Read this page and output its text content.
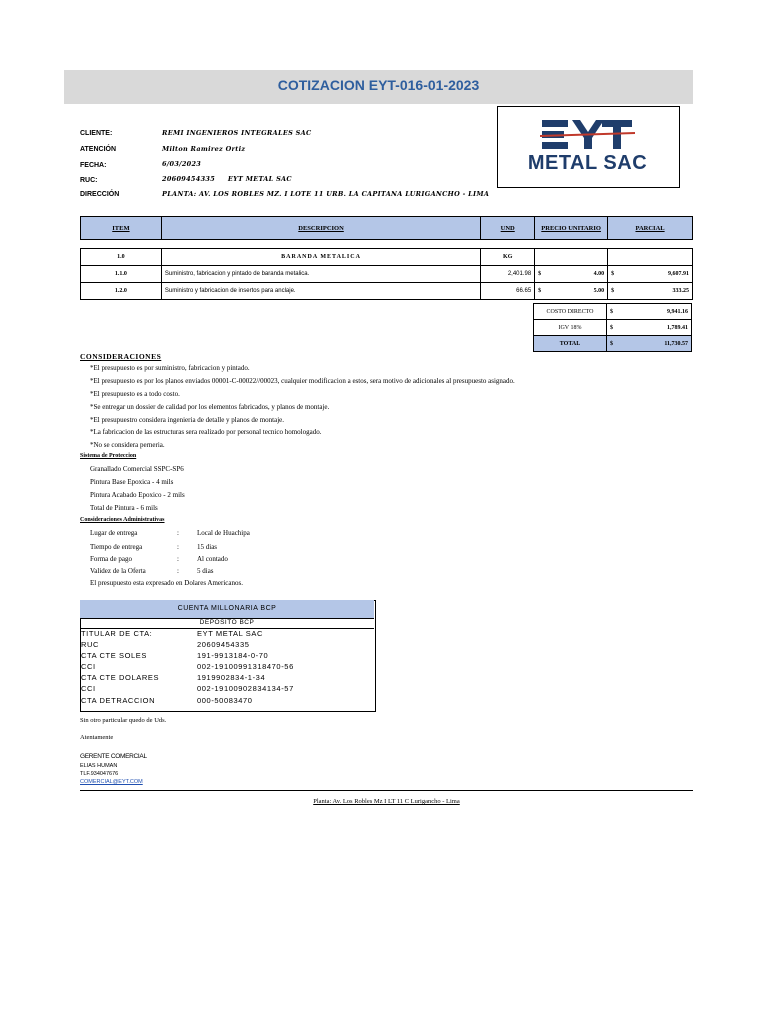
COTIZACION EYT-016-01-2023
METAL SAC
CLIENTE:	REMI INGENIEROS INTEGRALES SAC
ATENCIÓN	Milton Ramirez Ortiz
FECHA:	6/03/2023
RUC:	20609454335     EYT METAL SAC
DIRECCIÓN	PLANTA: AV. LOS ROBLES MZ. I LOTE 11 URB. LA CAPITANA LURIGANCHO - LIMA
ITEM	DESCRIPCION	UND	PRECIO UNITARIO	PARCIAL

1.0	BARANDA METALICA	KG		
1.1.0	Suministro, fabricacion y pintado de baranda metalica.	2,401.98	$ 4.00	$ 9,607.91

1.2.0	Suministro y fabricacion de insertos para anclaje.	66.65	$ 5.00	$ 333.25
COSTO DIRECTO	$ 9,941.16

IGV 18%	$ 1,789.41

TOTAL	$ 11,730.57
CONSIDERACIONES
*El presupuesto es por suministro, fabricacion y pintado.
*El presupuesto es por los planos enviados 00001-C-00022//00023, cualquier modificacion a estos, sera motivo de adicionales al presupuesto asignado.
*El presupuesto es a todo costo.
*Se entregar un dossier de calidad por los elementos fabricados, y planos de montaje.
*El presupuestro considera ingenieria de detalle y planos de montaje.
*La fabricacion de las estructuras sera realizado por personal tecnico homologado.
*No se considera perneria.
Sistema de Proteccion
Granallado Comercial SSPC-SP6
Pintura Base Epoxica - 4 mils
Pintura Acabado Epoxico - 2 mils
Total de Pintura - 6 mils
Consideraciones Administrativas
Lugar de entrega	:	Local de Huachipa
Tiempo de entrega	:	15 dias
Forma de pago	:	Al contado
Validez de la Oferta	:	5 dias
El presupuesto esta expresado en Dolares Americanos.
CUENTA MILLONARIA BCP
DEPOSITO BCP
TITULAR DE CTA:	EYT METAL SAC
RUC	20609454335
CTA CTE SOLES	191-9913184-0-70
CCI	002-19100991318470-56
CTA CTE DOLARES	1919902834-1-34
CCI	002-19100902834134-57
CTA DETRACCION	000-50083470
Sin otro particular quedo de Uds.
Atentamente
GERENTE COMERCIAL
ELIAS HUMAN
TLF.934047676
COMERCIAL@EYT.COM
Planta: Av. Los Robles Mz I LT 11 C Lurigancho - Lima
